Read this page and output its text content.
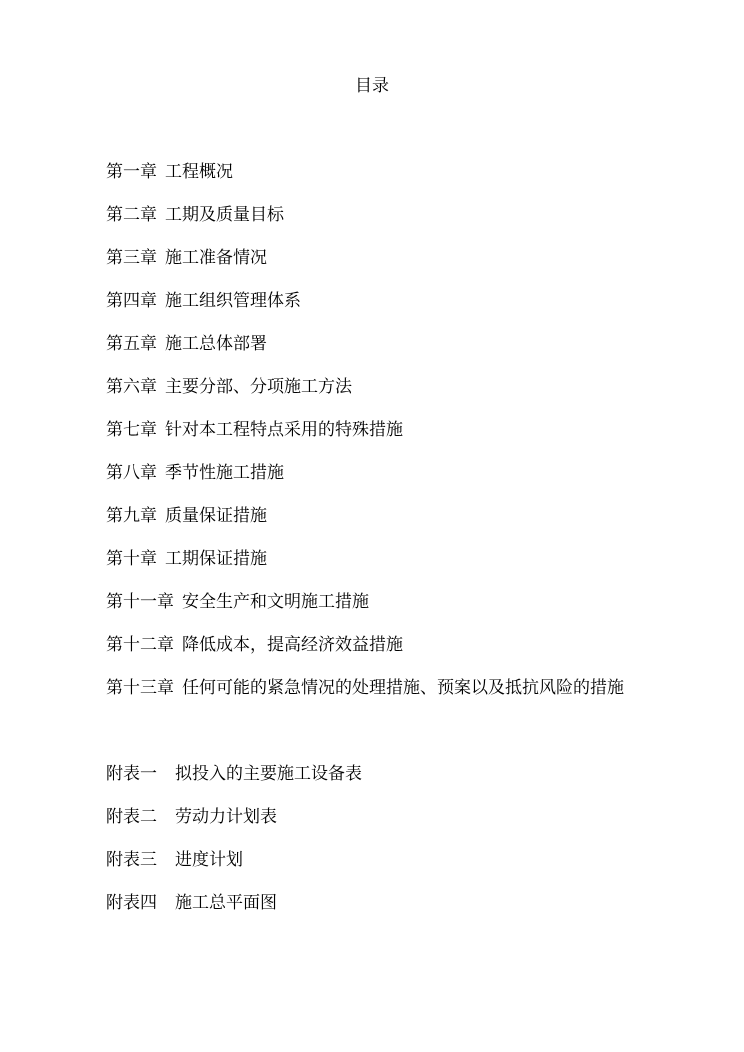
目录
第一章 工程概况
第二章 工期及质量目标
第三章 施工准备情况
第四章 施工组织管理体系
第五章 施工总体部署
第六章 主要分部、分项施工方法
第七章 针对本工程特点采用的特殊措施
第八章 季节性施工措施
第九章 质量保证措施
第十章 工期保证措施
第十一章 安全生产和文明施工措施
第十二章 降低成本，提高经济效益措施
第十三章 任何可能的紧急情况的处理措施、预案以及抵抗风险的措施
附表一 拟投入的主要施工设备表
附表二 劳动力计划表
附表三 进度计划
附表四 施工总平面图
